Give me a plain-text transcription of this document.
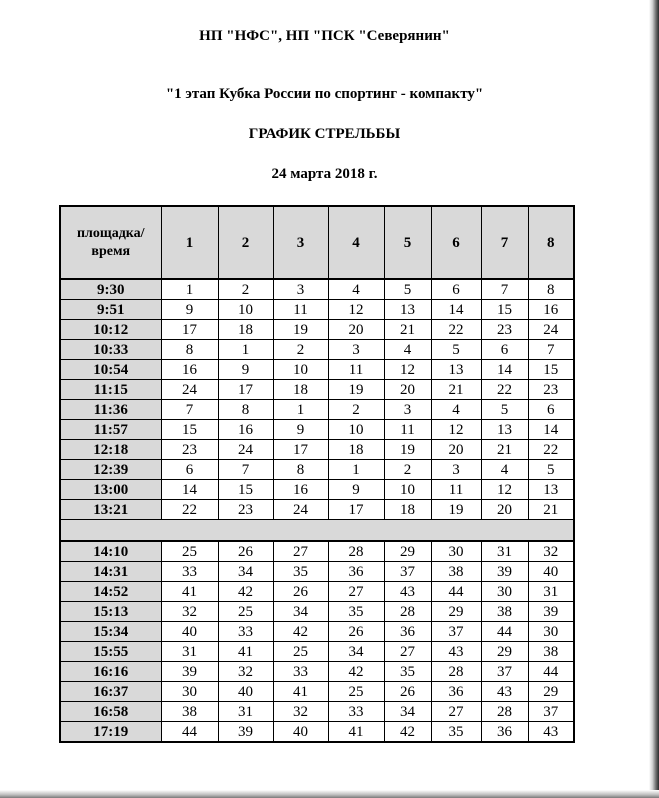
НП "НФС", НП "ПСК "Северянин"
"1 этап Кубка России по спортинг - компакту"
ГРАФИК СТРЕЛЬБЫ
24 марта 2018 г.
площадка/
время	1	2	3	4	5	6	7	8
9:30	1	2	3	4	5	6	7	8
9:51	9	10	11	12	13	14	15	16
10:12	17	18	19	20	21	22	23	24
10:33	8	1	2	3	4	5	6	7
10:54	16	9	10	11	12	13	14	15
11:15	24	17	18	19	20	21	22	23
11:36	7	8	1	2	3	4	5	6
11:57	15	16	9	10	11	12	13	14
12:18	23	24	17	18	19	20	21	22
12:39	6	7	8	1	2	3	4	5
13:00	14	15	16	9	10	11	12	13
13:21	22	23	24	17	18	19	20	21

14:10	25	26	27	28	29	30	31	32
14:31	33	34	35	36	37	38	39	40
14:52	41	42	26	27	43	44	30	31
15:13	32	25	34	35	28	29	38	39
15:34	40	33	42	26	36	37	44	30
15:55	31	41	25	34	27	43	29	38
16:16	39	32	33	42	35	28	37	44
16:37	30	40	41	25	26	36	43	29
16:58	38	31	32	33	34	27	28	37
17:19	44	39	40	41	42	35	36	43
